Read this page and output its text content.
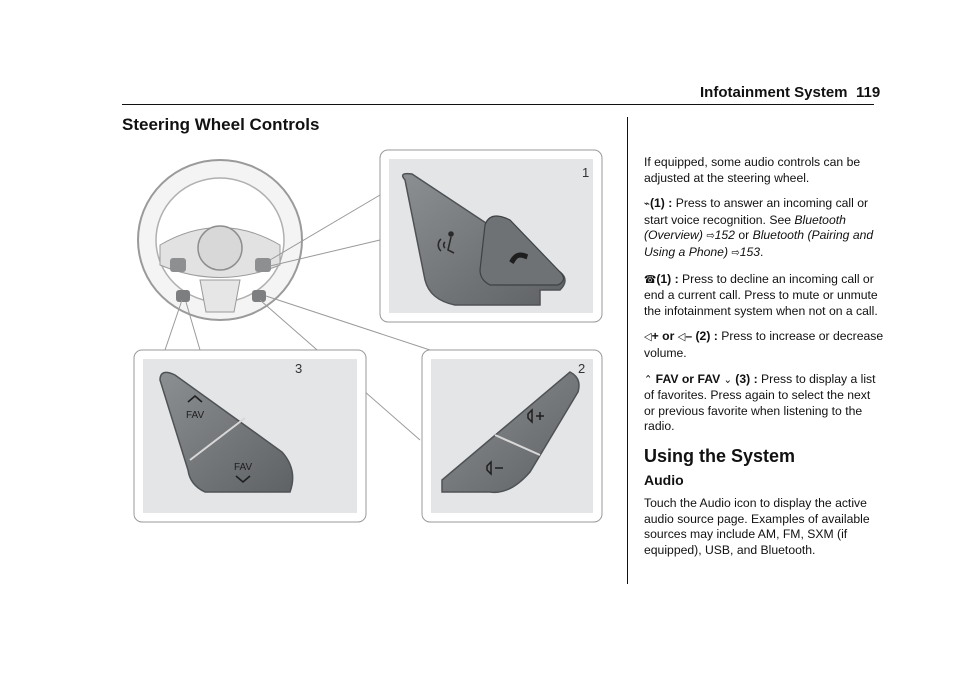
Infotainment System 119
Steering Wheel Controls
1
3
FAV
FAV
2

If equipped, some audio controls can be adjusted at the steering wheel.

⌁(1) : Press to answer an incoming call or start voice recognition. See Bluetooth (Overview) ⇨152 or Bluetooth (Pairing and Using a Phone) ⇨153.

☎(1) : Press to decline an incoming call or end a current call. Press to mute or unmute the infotainment system when not on a call.

◁+ or ◁– (2) : Press to increase or decrease volume.

⌃ FAV or FAV ⌄ (3) : Press to display a list of favorites. Press again to select the next or previous favorite when listening to the radio.

Using the System
Audio

Touch the Audio icon to display the active audio source page. Examples of available sources may include AM, FM, SXM (if equipped), USB, and Bluetooth.
